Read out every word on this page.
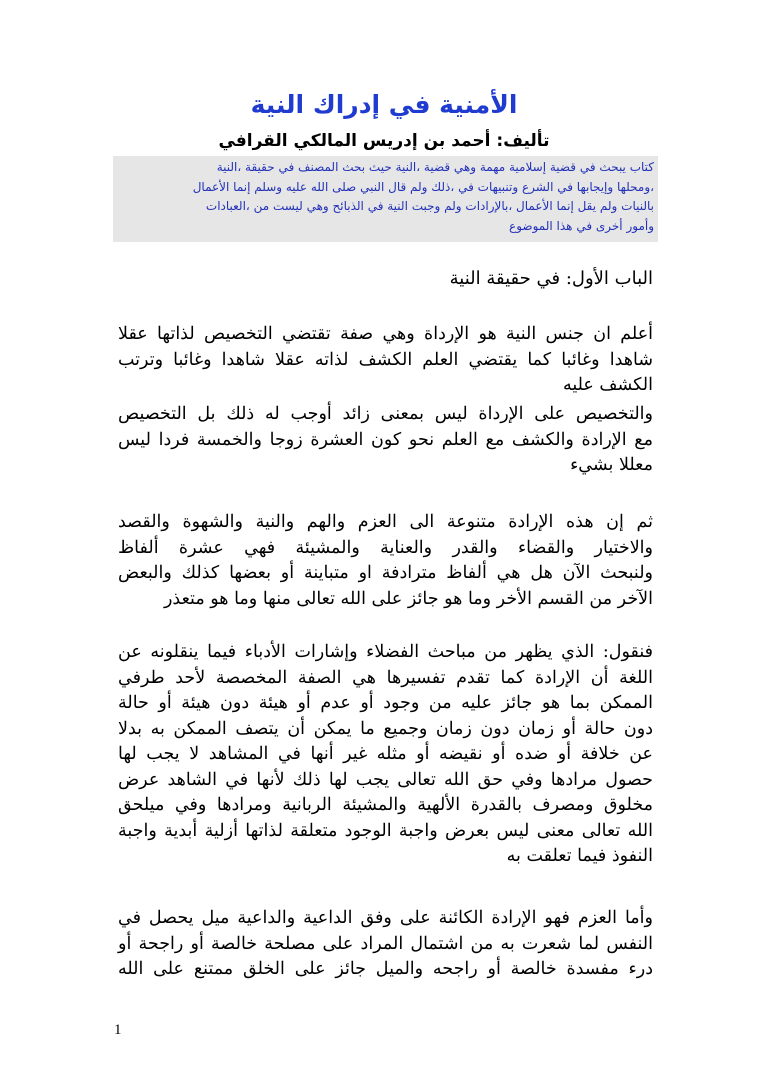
الأمنية في إدراك النية
تأليف: أحمد بن إدريس المالكي القرافي
كتاب يبحث في قضية إسلامية مهمة وهي قضية ،النية حيث بحث المصنف في حقيقة ،النية
،ومحلها وإيجابها في الشرع وتنبيهات في ،ذلك ولم قال النبي صلى الله عليه وسلم إنما الأعمال
بالنيات ولم يقل إنما الأعمال ،بالإرادات ولم وجبت النية في الذبائح وهي ليست من ،العبادات
وأمور أخرى في هذا الموضوع
الباب الأول: في حقيقة النية
أعلم ان جنس النية هو الإرداة وهي صفة تقتضي التخصيص لذاتها عقلا
شاهدا وغائبا كما يقتضي العلم الكشف لذاته عقلا شاهدا وغائبا وترتب
الكشف عليه
والتخصيص على الإرداة ليس بمعنى زائد أوجب له ذلك بل التخصيص
مع الإرادة والكشف مع العلم نحو كون العشرة زوجا والخمسة فردا ليس
معللا بشيء
ثم إن هذه الإرادة متنوعة الى العزم والهم والنية والشهوة والقصد
والاختيار والقضاء والقدر والعناية والمشيئة فهي عشرة ألفاظ
ولنبحث الآن هل هي ألفاظ مترادفة او متباينة أو بعضها كذلك والبعض
الآخر من القسم الأخر وما هو جائز على الله تعالى منها وما هو متعذر
فنقول: الذي يظهر من مباحث الفضلاء وإشارات الأدباء فيما ينقلونه عن
اللغة أن الإرادة كما تقدم تفسيرها هي الصفة المخصصة لأحد طرفي
الممكن بما هو جائز عليه من وجود أو عدم أو هيئة دون هيئة أو حالة
دون حالة أو زمان دون زمان وجميع ما يمكن أن يتصف الممكن به بدلا
عن خلافة أو ضده أو نقيضه أو مثله غير أنها في المشاهد لا يجب لها
حصول مرادها وفي حق الله تعالى يجب لها ذلك لأنها في الشاهد عرض
مخلوق ومصرف بالقدرة الألهية والمشيئة الربانية ومرادها وفي ميلحق
الله تعالى معنى ليس بعرض واجبة الوجود متعلقة لذاتها أزلية أبدية واجبة
النفوذ فيما تعلقت به
وأما العزم فهو الإرادة الكائنة على وفق الداعية والداعية ميل يحصل في
النفس لما شعرت به من اشتمال المراد على مصلحة خالصة أو راجحة أو
درء مفسدة خالصة أو راجحه والميل جائز على الخلق ممتنع على الله
1
